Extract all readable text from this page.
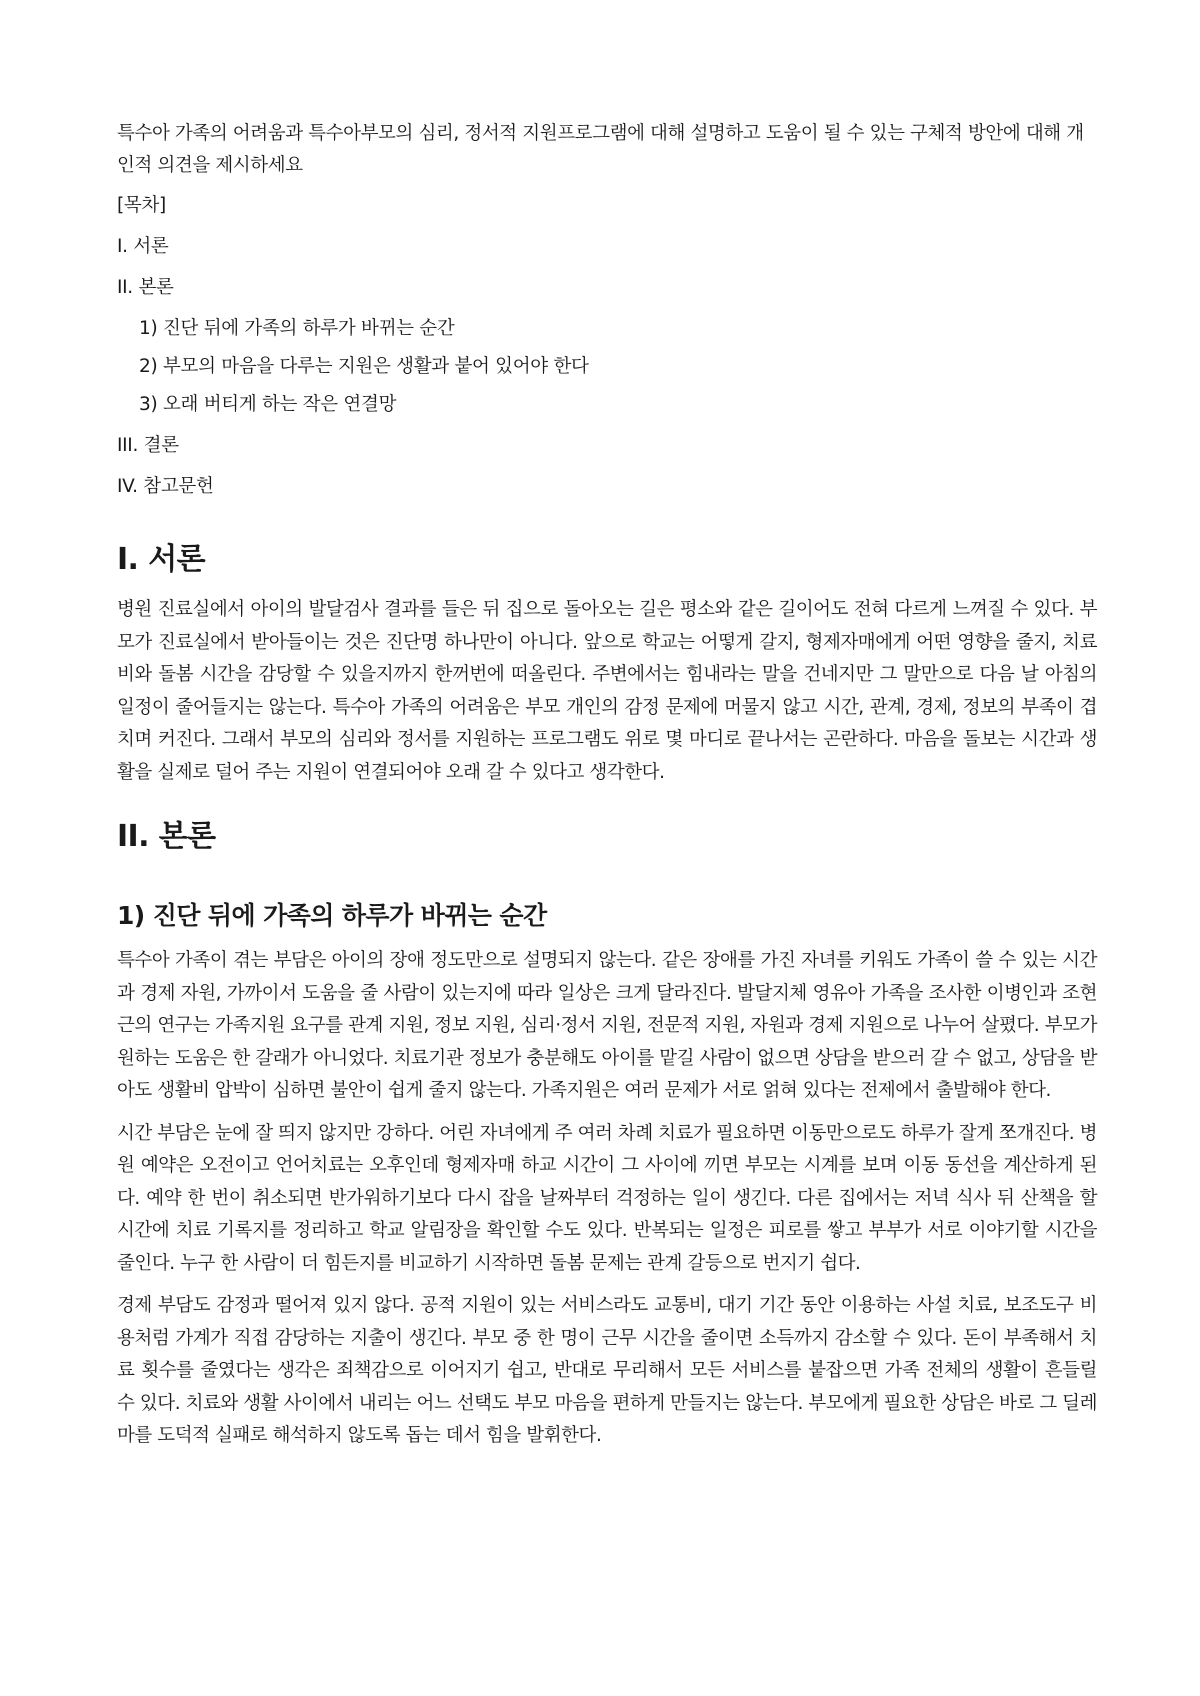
특수아 가족의 어려움과 특수아부모의 심리, 정서적 지원프로그램에 대해 설명하고 도움이 될 수 있는 구체적 방안에 대해 개인적 의견을 제시하세요

[목차]
I. 서론
II. 본론
1) 진단 뒤에 가족의 하루가 바뀌는 순간
2) 부모의 마음을 다루는 지원은 생활과 붙어 있어야 한다
3) 오래 버티게 하는 작은 연결망
III. 결론
IV. 참고문헌
I. 서론

병원 진료실에서 아이의 발달검사 결과를 들은 뒤 집으로 돌아오는 길은 평소와 같은 길이어도 전혀 다르게 느껴질 수 있다. 부모가 진료실에서 받아들이는 것은 진단명 하나만이 아니다. 앞으로 학교는 어떻게 갈지, 형제자매에게 어떤 영향을 줄지, 치료비와 돌봄 시간을 감당할 수 있을지까지 한꺼번에 떠올린다. 주변에서는 힘내라는 말을 건네지만 그 말만으로 다음 날 아침의 일정이 줄어들지는 않는다. 특수아 가족의 어려움은 부모 개인의 감정 문제에 머물지 않고 시간, 관계, 경제, 정보의 부족이 겹치며 커진다. 그래서 부모의 심리와 정서를 지원하는 프로그램도 위로 몇 마디로 끝나서는 곤란하다. 마음을 돌보는 시간과 생활을 실제로 덜어 주는 지원이 연결되어야 오래 갈 수 있다고 생각한다.

II. 본론
1) 진단 뒤에 가족의 하루가 바뀌는 순간

특수아 가족이 겪는 부담은 아이의 장애 정도만으로 설명되지 않는다. 같은 장애를 가진 자녀를 키워도 가족이 쓸 수 있는 시간과 경제 자원, 가까이서 도움을 줄 사람이 있는지에 따라 일상은 크게 달라진다. 발달지체 영유아 가족을 조사한 이병인과 조현근의 연구는 가족지원 요구를 관계 지원, 정보 지원, 심리·정서 지원, 전문적 지원, 자원과 경제 지원으로 나누어 살폈다. 부모가 원하는 도움은 한 갈래가 아니었다. 치료기관 정보가 충분해도 아이를 맡길 사람이 없으면 상담을 받으러 갈 수 없고, 상담을 받아도 생활비 압박이 심하면 불안이 쉽게 줄지 않는다. 가족지원은 여러 문제가 서로 얽혀 있다는 전제에서 출발해야 한다.

시간 부담은 눈에 잘 띄지 않지만 강하다. 어린 자녀에게 주 여러 차례 치료가 필요하면 이동만으로도 하루가 잘게 쪼개진다. 병원 예약은 오전이고 언어치료는 오후인데 형제자매 하교 시간이 그 사이에 끼면 부모는 시계를 보며 이동 동선을 계산하게 된다. 예약 한 번이 취소되면 반가워하기보다 다시 잡을 날짜부터 걱정하는 일이 생긴다. 다른 집에서는 저녁 식사 뒤 산책을 할 시간에 치료 기록지를 정리하고 학교 알림장을 확인할 수도 있다. 반복되는 일정은 피로를 쌓고 부부가 서로 이야기할 시간을 줄인다. 누구 한 사람이 더 힘든지를 비교하기 시작하면 돌봄 문제는 관계 갈등으로 번지기 쉽다.

경제 부담도 감정과 떨어져 있지 않다. 공적 지원이 있는 서비스라도 교통비, 대기 기간 동안 이용하는 사설 치료, 보조도구 비용처럼 가계가 직접 감당하는 지출이 생긴다. 부모 중 한 명이 근무 시간을 줄이면 소득까지 감소할 수 있다. 돈이 부족해서 치료 횟수를 줄였다는 생각은 죄책감으로 이어지기 쉽고, 반대로 무리해서 모든 서비스를 붙잡으면 가족 전체의 생활이 흔들릴 수 있다. 치료와 생활 사이에서 내리는 어느 선택도 부모 마음을 편하게 만들지는 않는다. 부모에게 필요한 상담은 바로 그 딜레마를 도덕적 실패로 해석하지 않도록 돕는 데서 힘을 발휘한다.
